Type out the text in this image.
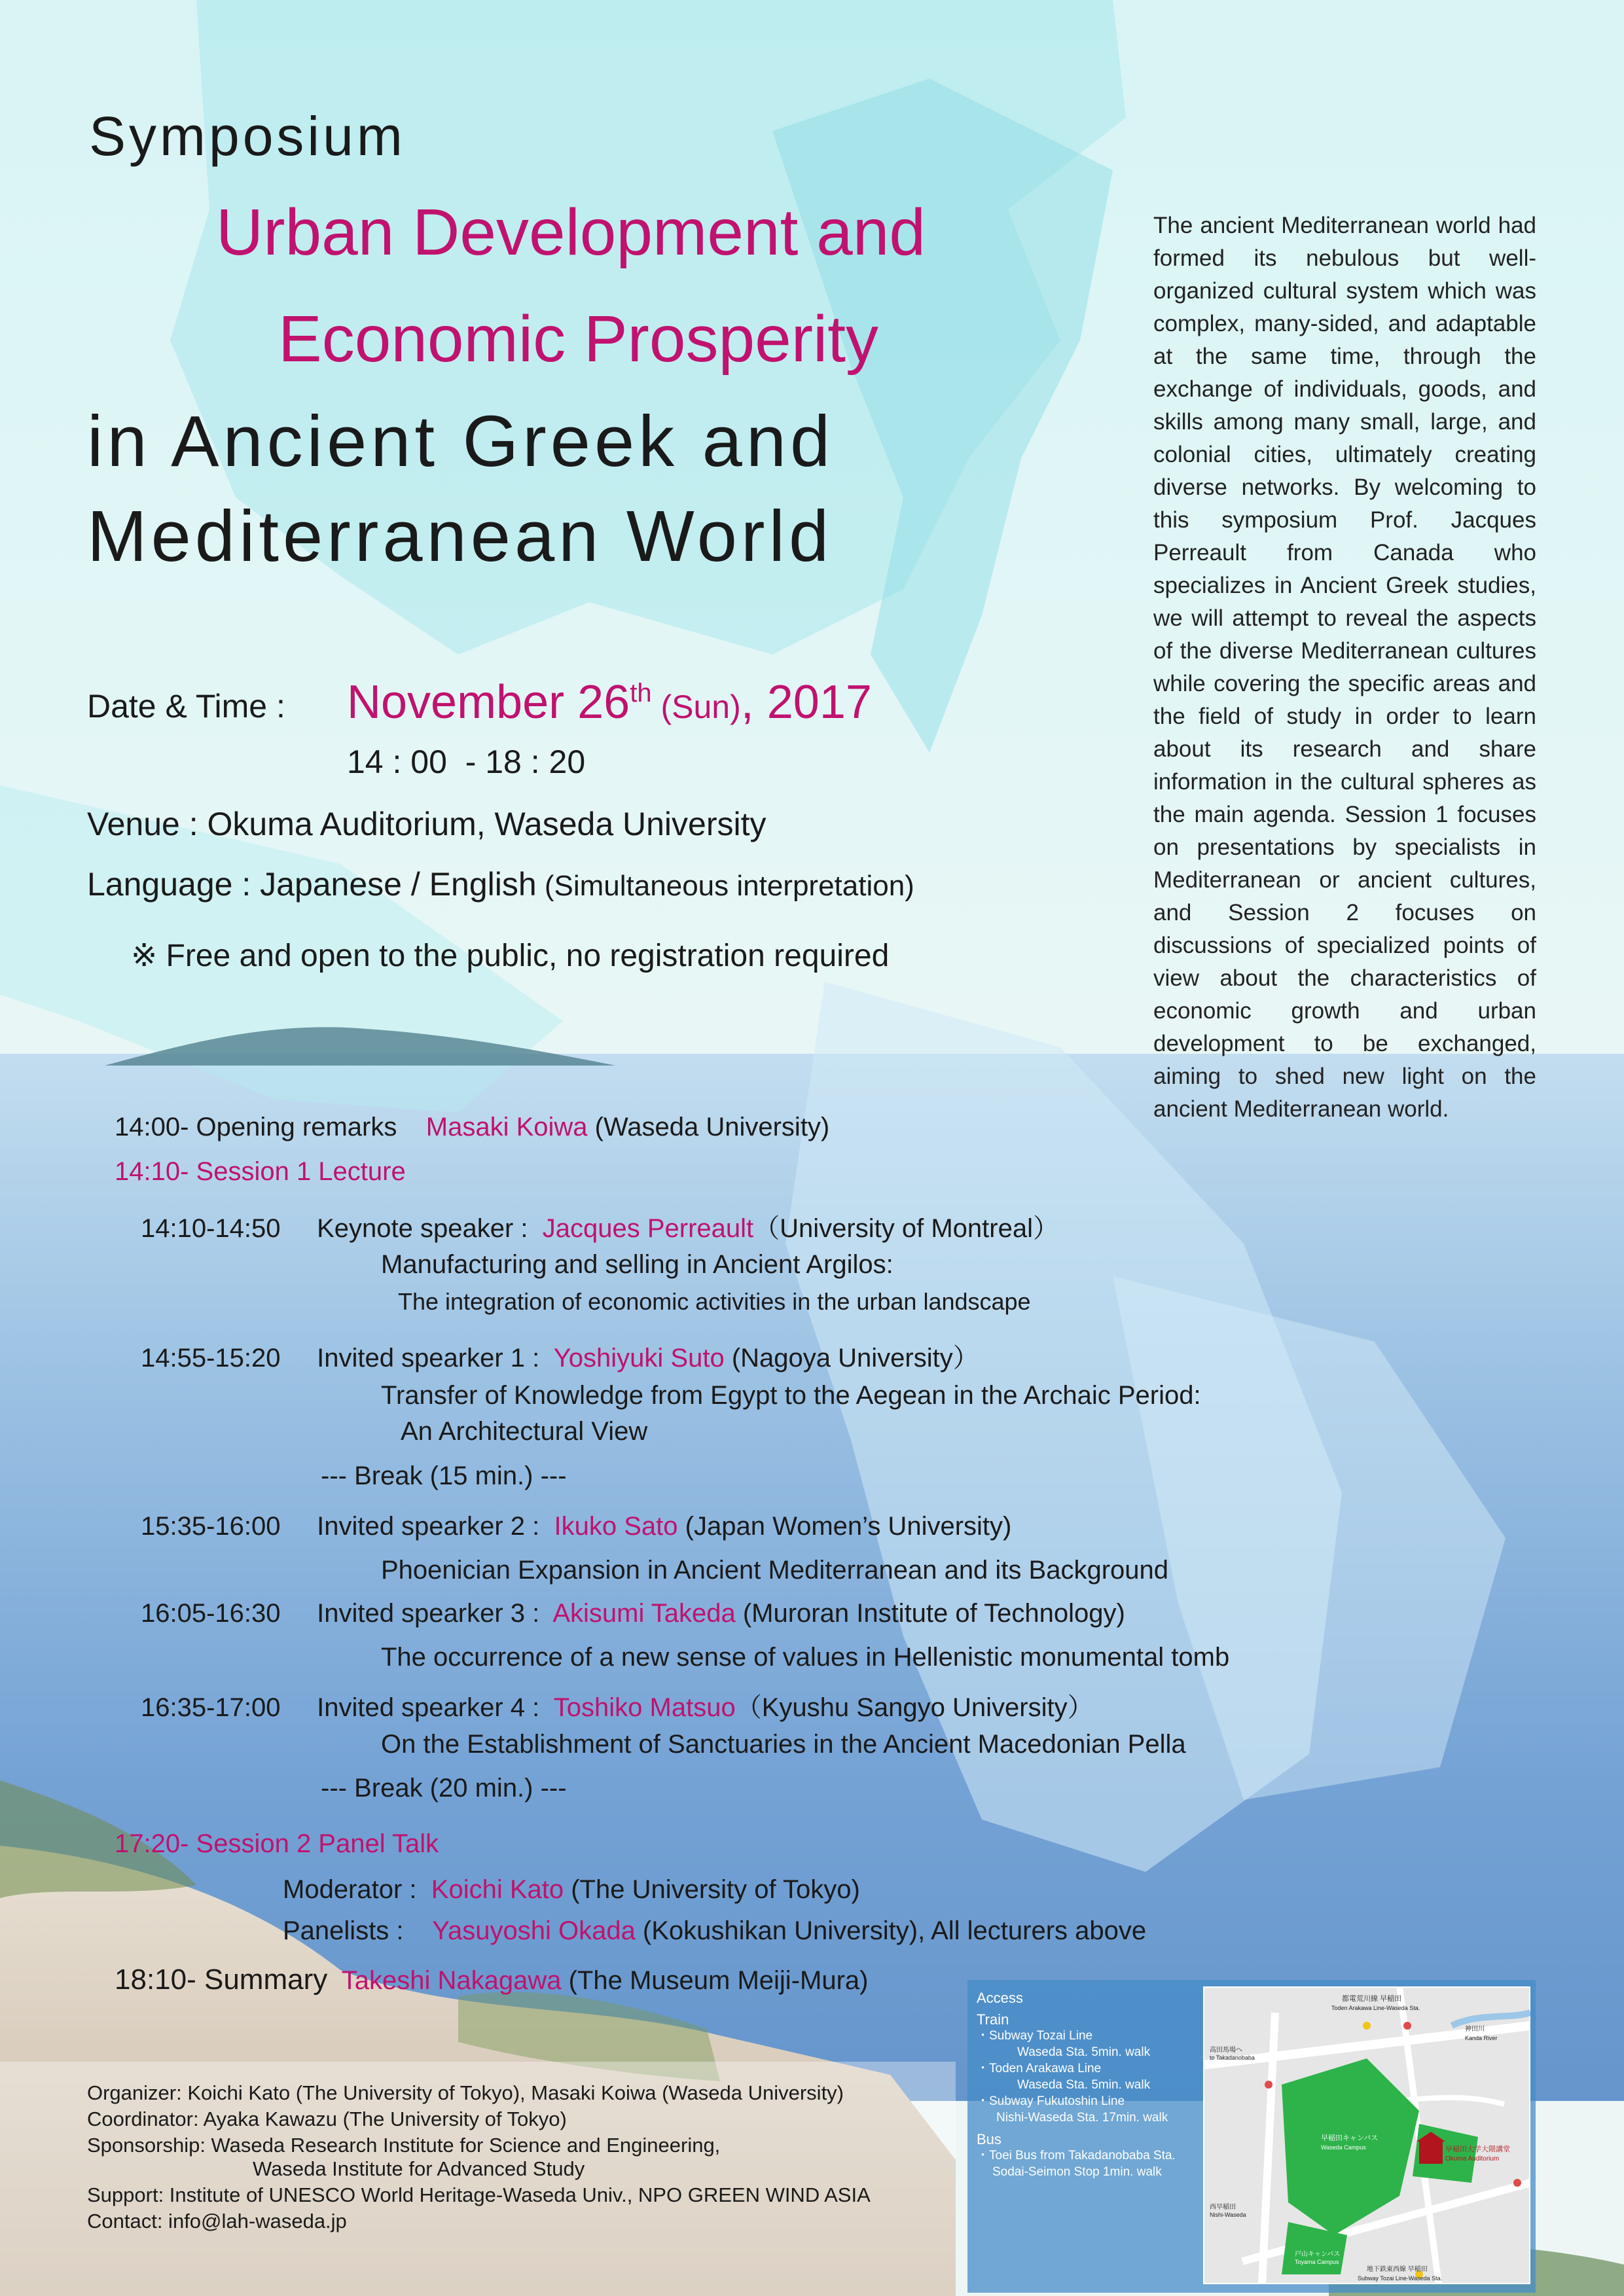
Symposium
Urban Development and
Economic Prosperity
in Ancient Greek and
Mediterranean World
Date & Time : November 26th (Sun), 2017
14 : 00  - 18 : 20
Venue : Okuma Auditorium, Waseda University
Language : Japanese / English (Simultaneous interpretation)
※ Free and open to the public, no registration required
The ancient Mediterranean world had formed its nebulous but well-organized cultural system which was complex, many-sided, and adaptable at the same time, through the exchange of individuals, goods, and skills among many small, large, and colonial cities, ultimately creating diverse networks. By welcoming to this symposium Prof. Jacques Perreault from Canada who specializes in Ancient Greek studies, we will attempt to reveal the aspects of the diverse Mediterranean cultures while covering the specific areas and the field of study in order to learn about its research and share information in the cultural spheres as the main agenda. Session 1 focuses on presentations by specialists in Mediterranean or ancient cultures, and Session 2 focuses on discussions of specialized points of view about the characteristics of economic growth and urban development to be exchanged, aiming to shed new light on the ancient Mediterranean world.
14:00- Opening remarks Masaki Koiwa (Waseda University)
14:10- Session 1 Lecture
14:10-14:50 Keynote speaker : Jacques Perreault（University of Montreal）
Manufacturing and selling in Ancient Argilos:
The integration of economic activities in the urban landscape
14:55-15:20 Invited spearker 1 : Yoshiyuki Suto (Nagoya University）
Transfer of Knowledge from Egypt to the Aegean in the Archaic Period:
An Architectural View
--- Break (15 min.) ---
15:35-16:00 Invited spearker 2 : Ikuko Sato (Japan Women’s University)
Phoenician Expansion in Ancient Mediterranean and its Background
16:05-16:30 Invited spearker 3 : Akisumi Takeda (Muroran Institute of Technology)
The occurrence of a new sense of values in Hellenistic monumental tomb
16:35-17:00 Invited spearker 4 : Toshiko Matsuo（Kyushu Sangyo University）
On the Establishment of Sanctuaries in the Ancient Macedonian Pella
--- Break (20 min.) ---
17:20- Session 2 Panel Talk
Moderator : Koichi Kato (The University of Tokyo)
Panelists : Yasuyoshi Okada (Kokushikan University), All lecturers above
18:10- Summary Takeshi Nakagawa (The Museum Meiji-Mura)
Organizer: Koichi Kato (The University of Tokyo), Masaki Koiwa (Waseda University)
Coordinator: Ayaka Kawazu (The University of Tokyo)
Sponsorship: Waseda Research Institute for Science and Engineering,
Waseda Institute for Advanced Study
Support: Institute of UNESCO World Heritage-Waseda Univ., NPO GREEN WIND ASIA
Contact: info@lah-waseda.jp
Access
Train
・Subway Tozai Line
Waseda Sta. 5min. walk
・Toden Arakawa Line
Waseda Sta. 5min. walk
・Subway Fukutoshin Line
Nishi-Waseda Sta. 17min. walk
Bus
・Toei Bus from Takadanobaba Sta.
Sodai-Seimon Stop 1min. walk
都電荒川線 早稲田
Toden Arakawa Line-Waseda Sta.
神田川
Kanda River
高田馬場へ
to Takadanobaba
早稲田キャンパス
Waseda Campus	早稲田大学大隈講堂
Okuma Auditorium
西早稲田
Nishi-Waseda
戸山キャンパス
Toyama Campus
地下鉄東西線 早稲田
Subway Tozai Line-Waseda Sta.
